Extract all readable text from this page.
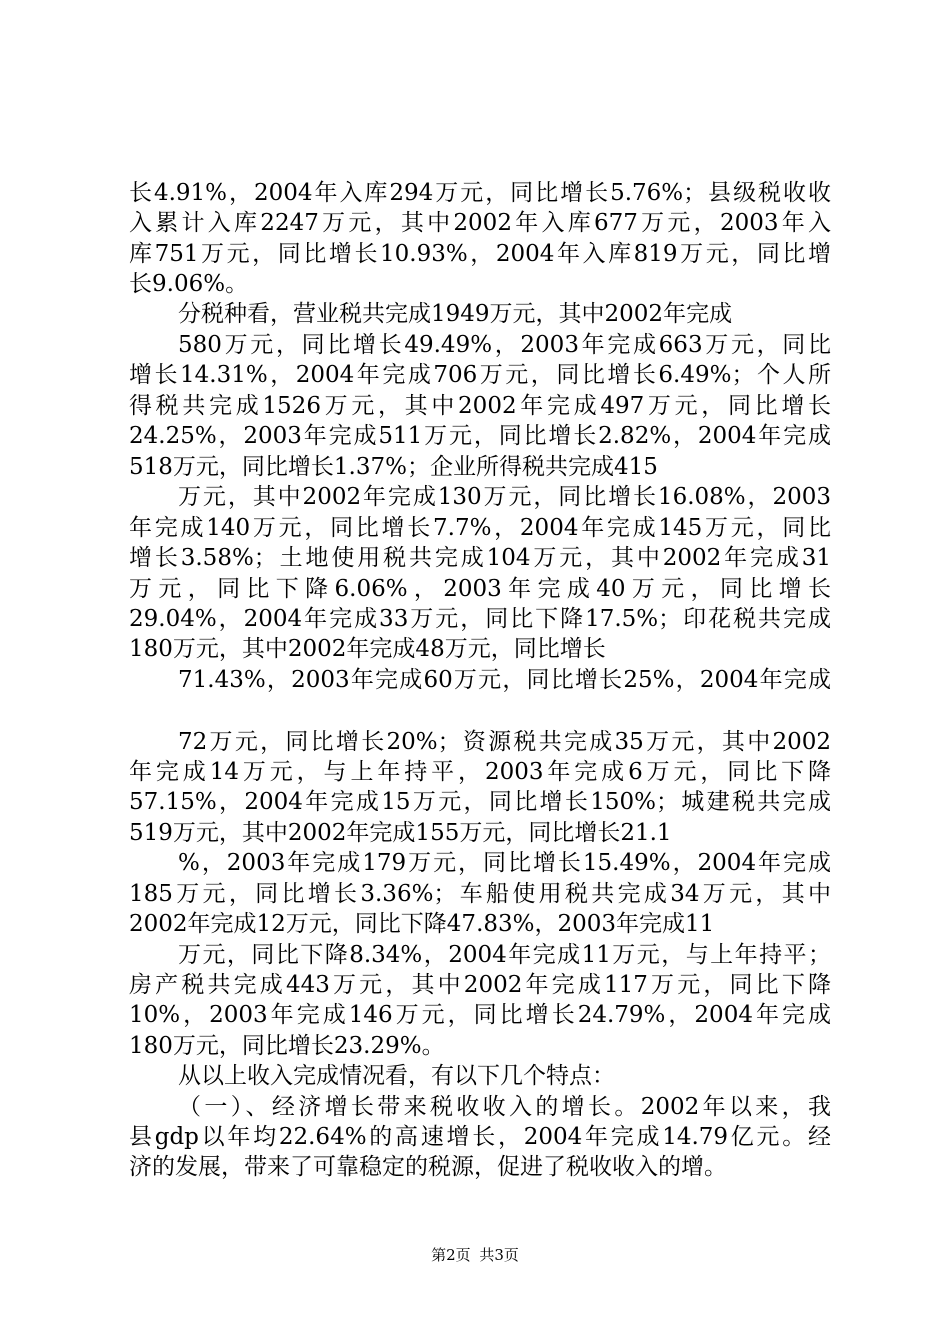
长4.91%，2004年入库294万元，同比增长5.76%；县级税收收
入累计入库2247万元，其中2002年入库677万元，2003年入
库751万元，同比增长10.93%，2004年入库819万元，同比增
长9.06%。
分税种看，营业税共完成1949万元，其中2002年完成
580万元，同比增长49.49%，2003年完成663万元，同比
增长14.31%，2004年完成706万元，同比增长6.49%；个人所
得税共完成1526万元，其中2002年完成497万元，同比增长
24.25%，2003年完成511万元，同比增长2.82%，2004年完成
518万元，同比增长1.37%；企业所得税共完成415
万元，其中2002年完成130万元，同比增长16.08%，2003
年完成140万元，同比增长7.7%，2004年完成145万元，同比
增长3.58%；土地使用税共完成104万元，其中2002年完成31
万元，同比下降6.06%，2003年完成40万元，同比增长
29.04%，2004年完成33万元，同比下降17.5%；印花税共完成
180万元，其中2002年完成48万元，同比增长
71.43%，2003年完成60万元，同比增长25%，2004年完成
72万元，同比增长20%；资源税共完成35万元，其中2002
年完成14万元，与上年持平，2003年完成6万元，同比下降
57.15%，2004年完成15万元，同比增长150%；城建税共完成
519万元，其中2002年完成155万元，同比增长21.1
%，2003年完成179万元，同比增长15.49%，2004年完成
185万元，同比增长3.36%；车船使用税共完成34万元，其中
2002年完成12万元，同比下降47.83%，2003年完成11
万元，同比下降8.34%，2004年完成11万元，与上年持平；
房产税共完成443万元，其中2002年完成117万元，同比下降
10%，2003年完成146万元，同比增长24.79%，2004年完成
180万元，同比增长23.29%。
从以上收入完成情况看，有以下几个特点：
（一）、经济增长带来税收收入的增长。2002年以来，我
县gdp以年均22.64%的高速增长，2004年完成14.79亿元。经
济的发展，带来了可靠稳定的税源，促进了税收收入的增。
第2页 共3页
